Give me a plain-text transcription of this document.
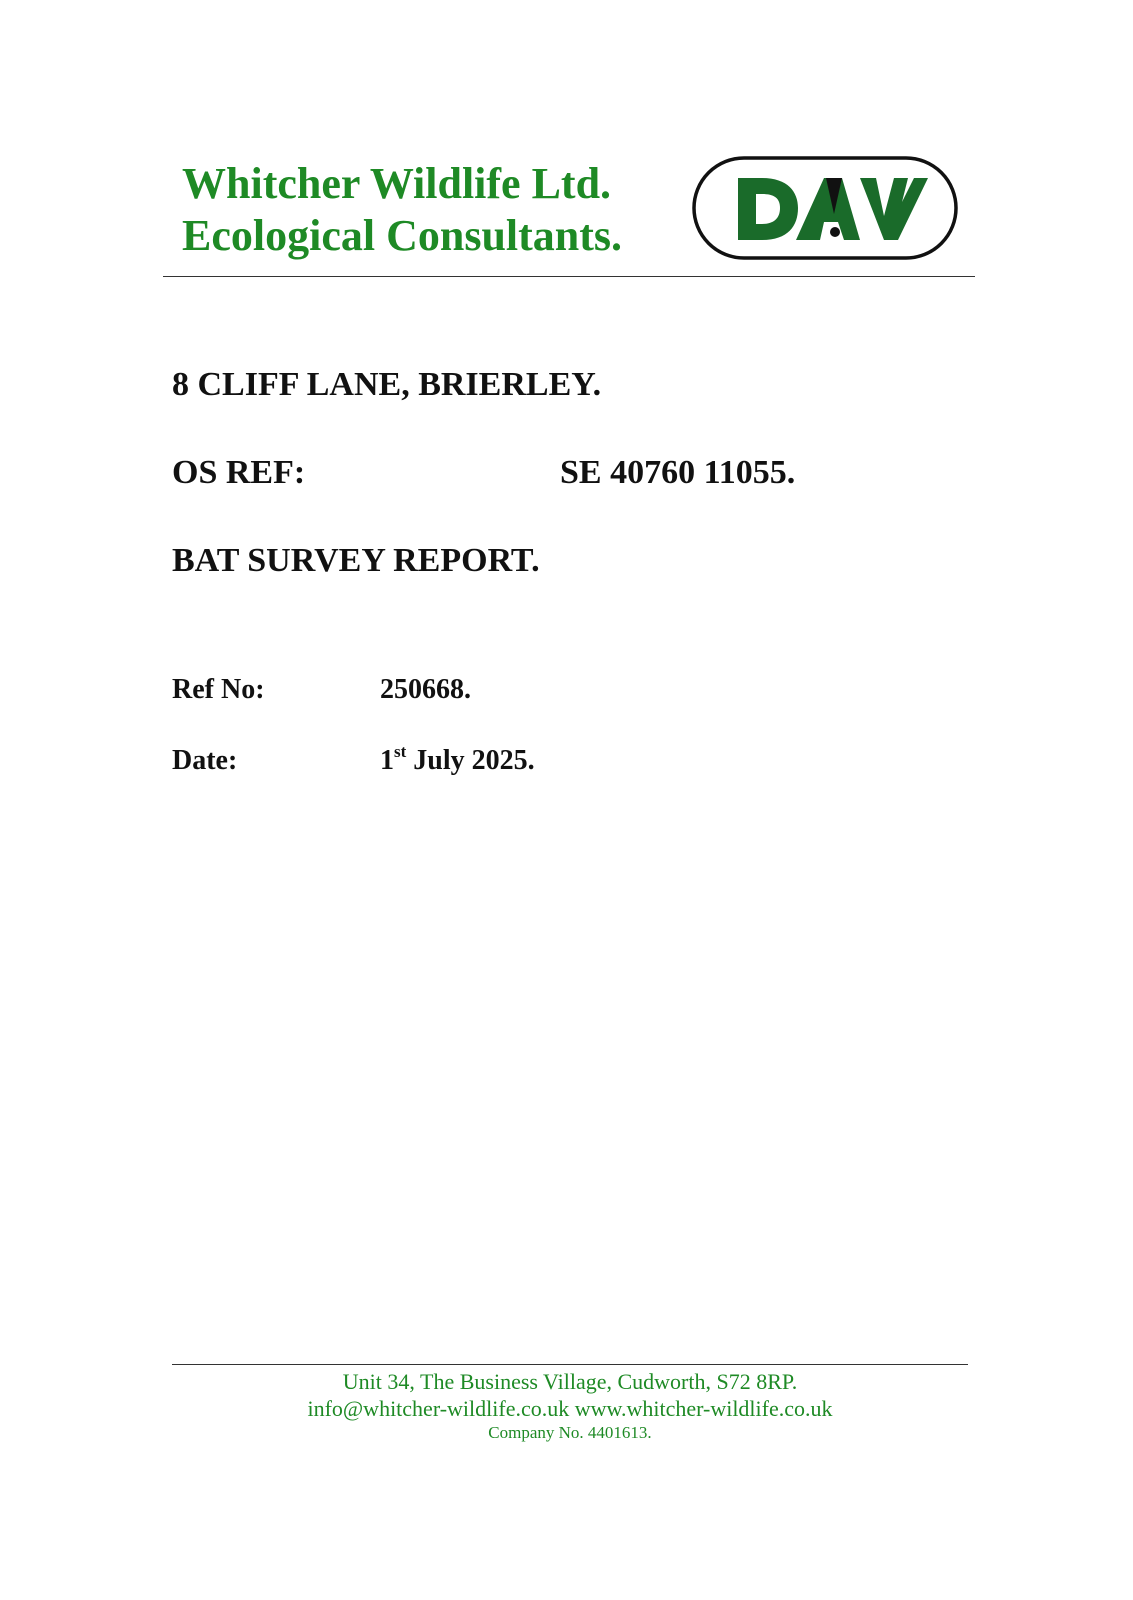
Whitcher Wildlife Ltd.
Ecological Consultants.
8 CLIFF LANE, BRIERLEY.
OS REF:	SE 40760 11055.
BAT SURVEY REPORT.
Ref No:	250668.
Date:	1st July 2025.
Unit 34, The Business Village, Cudworth, S72 8RP.
info@whitcher-wildlife.co.uk www.whitcher-wildlife.co.uk
Company No. 4401613.
